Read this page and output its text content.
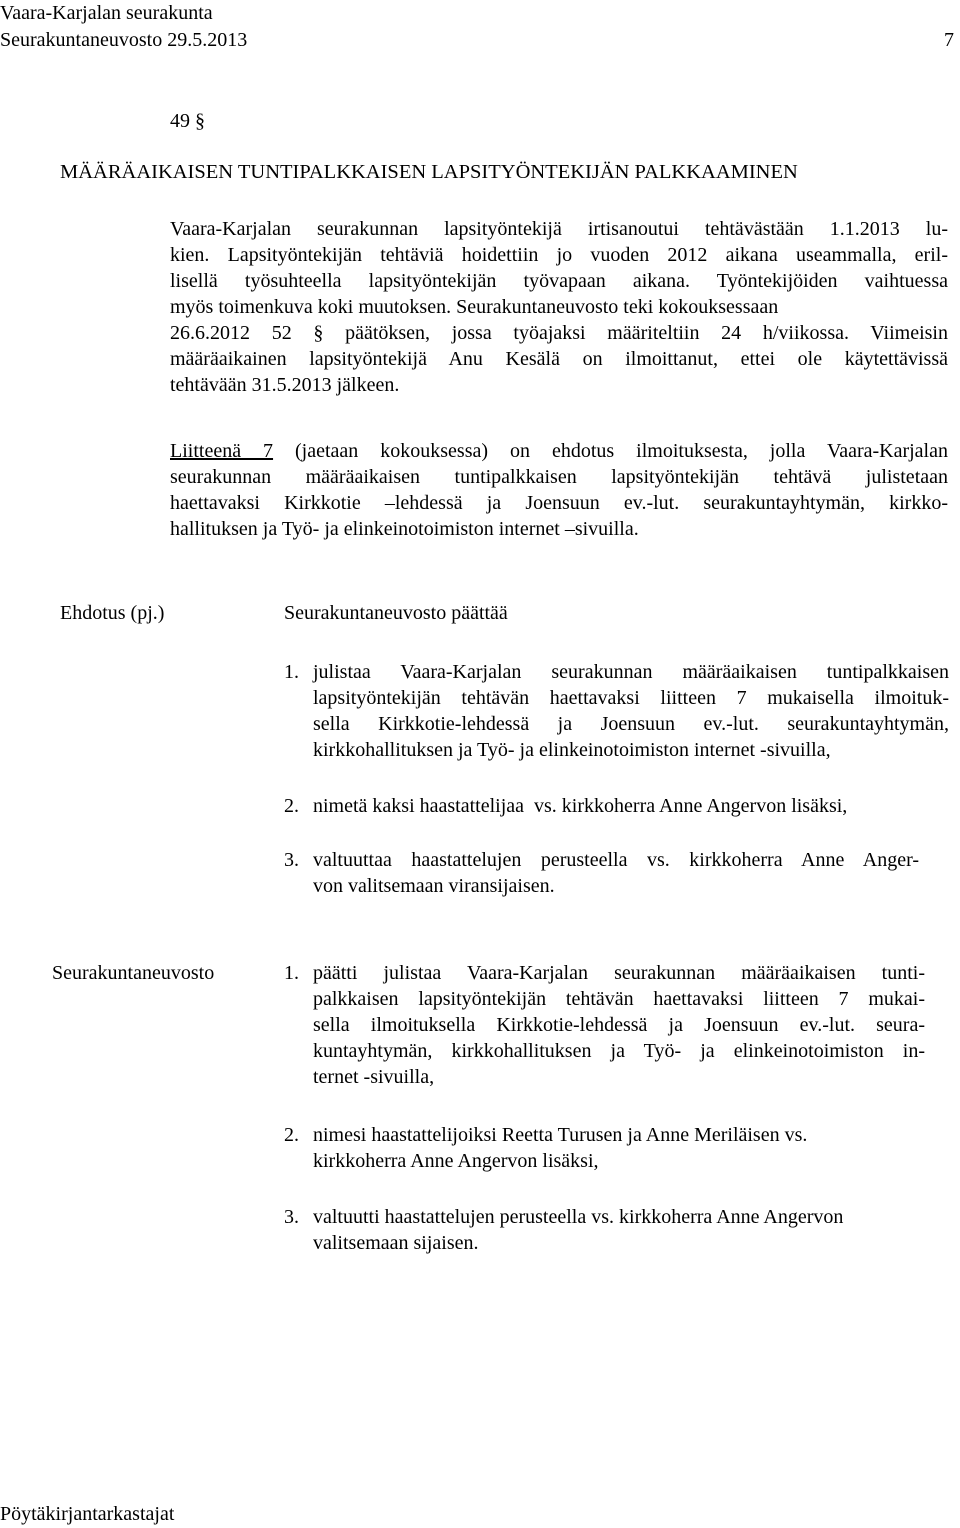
Vaara-Karjalan seurakunta
Seurakuntaneuvosto 29.5.2013	7
49 §
MÄÄRÄAIKAISEN TUNTIPALKKAISEN LAPSITYÖNTEKIJÄN PALKKAAMINEN
Vaara-Karjalan seurakunnan lapsityöntekijä irtisanoutui tehtävästään 1.1.2013 lu-
kien. Lapsityöntekijän tehtäviä hoidettiin jo vuoden 2012 aikana useammalla, eril-
lisellä työsuhteella lapsityöntekijän työvapaan aikana. Työntekijöiden vaihtuessa
myös toimenkuva koki muutoksen. Seurakuntaneuvosto teki kokouksessaan
26.6.2012 52 § päätöksen, jossa työajaksi määriteltiin 24 h/viikossa. Viimeisin
määräaikainen lapsityöntekijä Anu Kesälä on ilmoittanut, ettei ole käytettävissä
tehtävään 31.5.2013 jälkeen.
Liitteenä 7 (jaetaan kokouksessa) on ehdotus ilmoituksesta, jolla Vaara-Karjalan
seurakunnan määräaikaisen tuntipalkkaisen lapsityöntekijän tehtävä julistetaan
haettavaksi Kirkkotie –lehdessä ja Joensuun ev.-lut. seurakuntayhtymän, kirkko-
hallituksen ja Työ- ja elinkeinotoimiston internet –sivuilla.
Ehdotus (pj.)	Seurakuntaneuvosto päättää
1. julistaa Vaara-Karjalan seurakunnan määräaikaisen tuntipalkkaisen
lapsityöntekijän tehtävän haettavaksi liitteen 7 mukaisella ilmoituk-
sella Kirkkotie-lehdessä ja Joensuun ev.-lut. seurakuntayhtymän,
kirkkohallituksen ja Työ- ja elinkeinotoimiston internet -sivuilla,
2. nimetä kaksi haastattelijaa  vs. kirkkoherra Anne Angervon lisäksi,
3. valtuuttaa haastattelujen perusteella vs. kirkkoherra Anne Anger-
von valitsemaan viransijaisen.
Seurakuntaneuvosto	1. päätti julistaa Vaara-Karjalan seurakunnan määräaikaisen tunti-
palkkaisen lapsityöntekijän tehtävän haettavaksi liitteen 7 mukai-
sella ilmoituksella Kirkkotie-lehdessä ja Joensuun ev.-lut. seura-
kuntayhtymän, kirkkohallituksen ja Työ- ja elinkeinotoimiston in-
ternet -sivuilla,
2. nimesi haastattelijoiksi Reetta Turusen ja Anne Meriläisen vs.
kirkkoherra Anne Angervon lisäksi,
3. valtuutti haastattelujen perusteella vs. kirkkoherra Anne Angervon
valitsemaan sijaisen.
Pöytäkirjantarkastajat
